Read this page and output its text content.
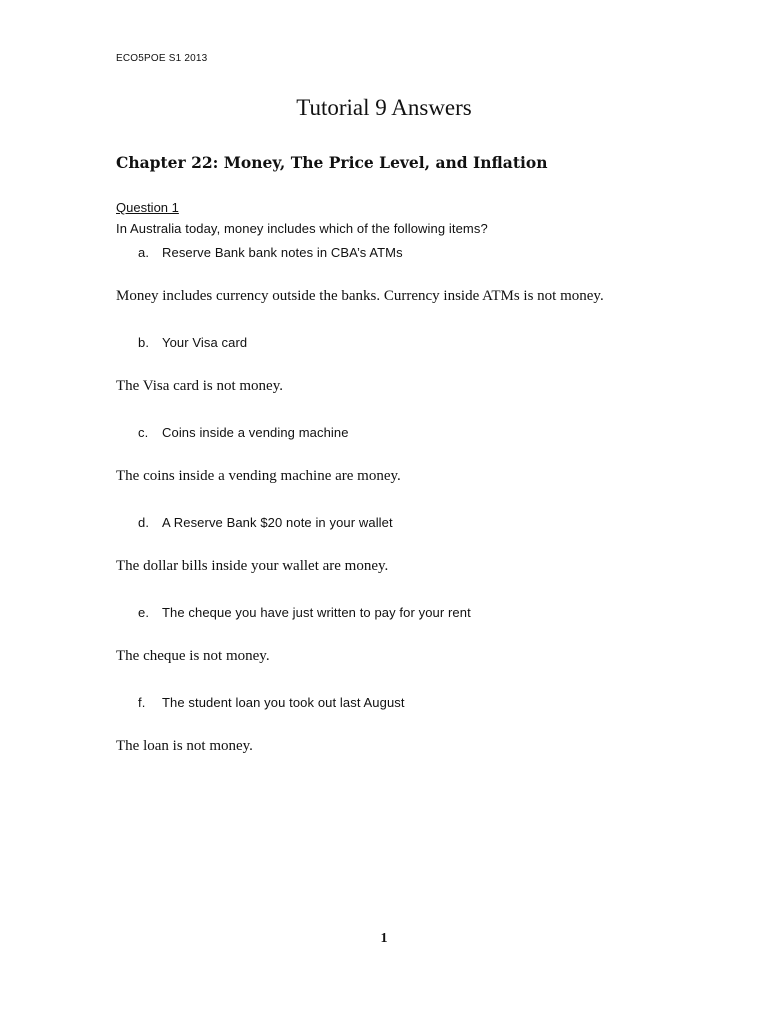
ECO5POE S1 2013
Tutorial 9 Answers
Chapter 22: Money, The Price Level, and Inflation
Question 1
In Australia today, money includes which of the following items?
a. Reserve Bank bank notes in CBA’s ATMs
Money includes currency outside the banks. Currency inside ATMs is not money.
b. Your Visa card
The Visa card is not money.
c. Coins inside a vending machine
The coins inside a vending machine are money.
d. A Reserve Bank $20 note in your wallet
The dollar bills inside your wallet are money.
e. The cheque you have just written to pay for your rent
The cheque is not money.
f. The student loan you took out last August
The loan is not money.
1
